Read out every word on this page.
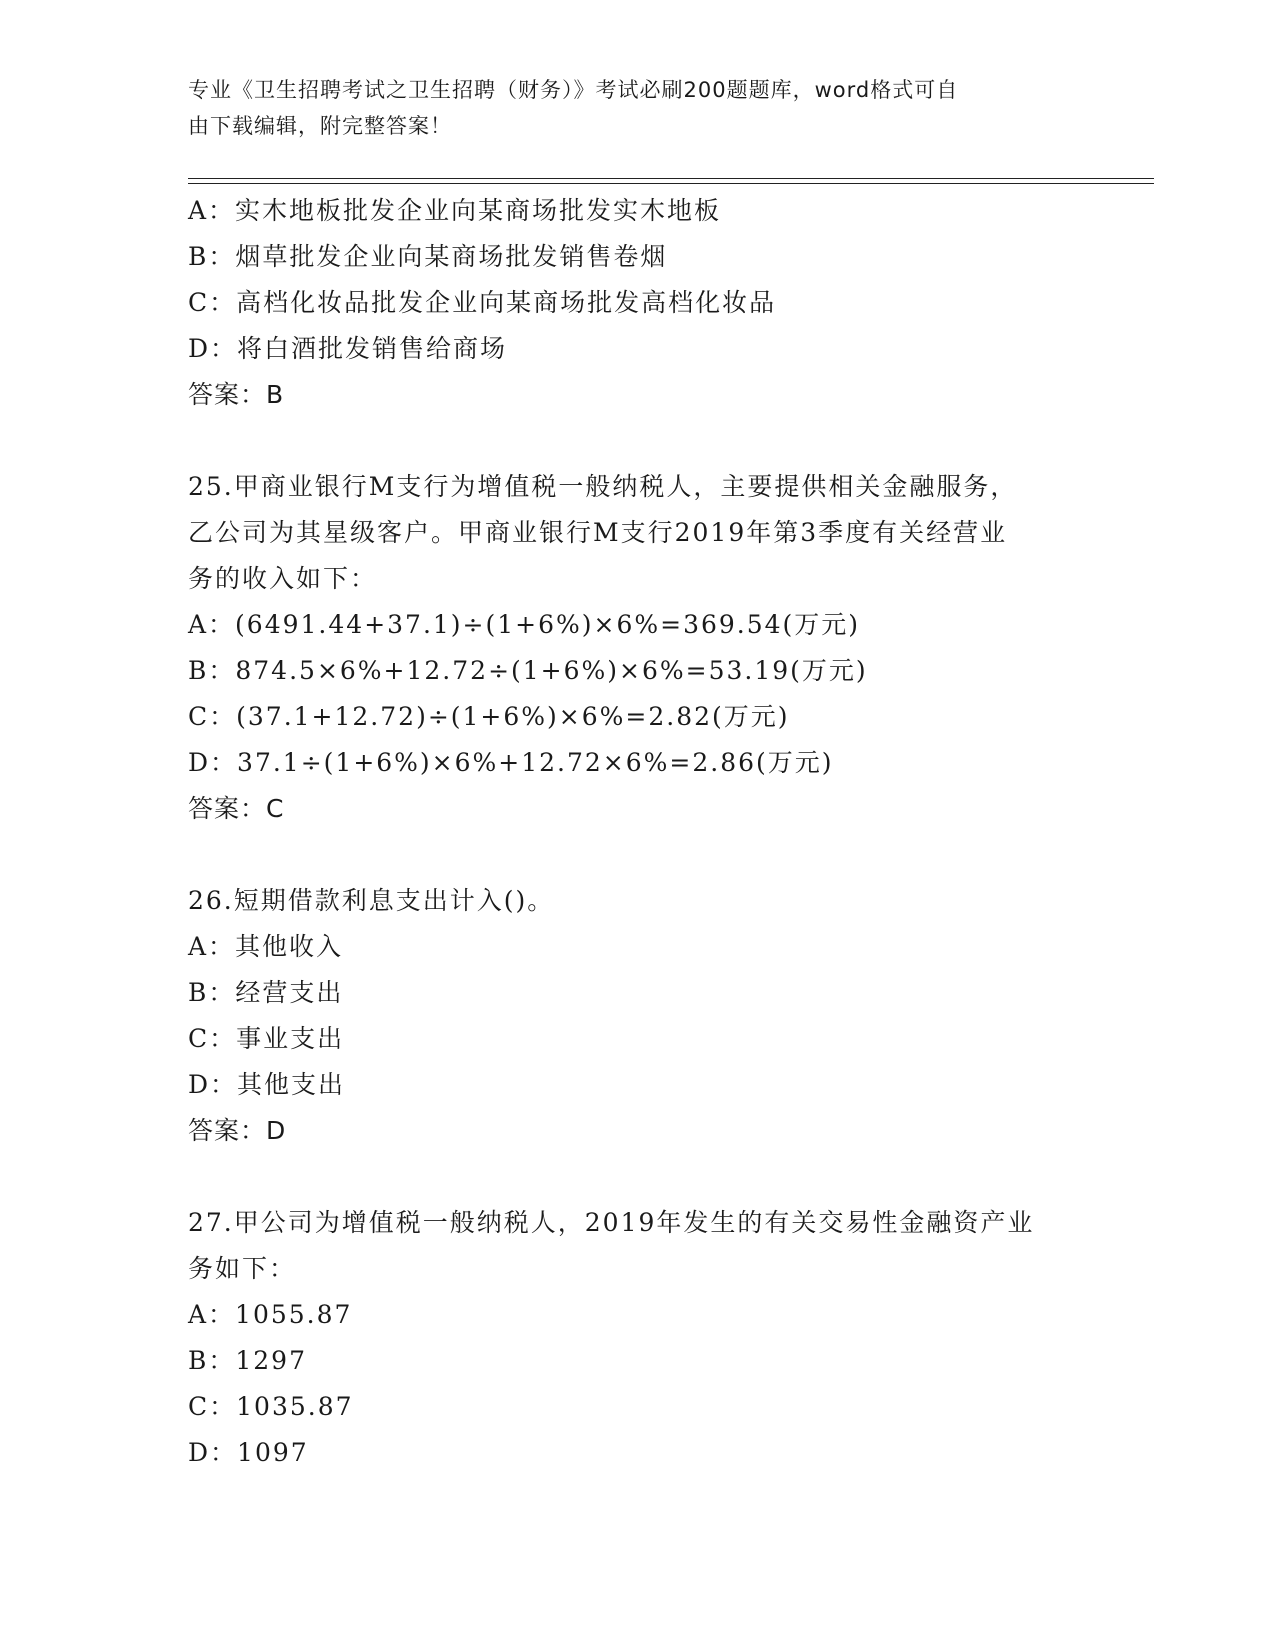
专业《卫生招聘考试之卫生招聘（财务）》考试必刷200题题库，word格式可自
由下载编辑，附完整答案！
A：实木地板批发企业向某商场批发实木地板
B：烟草批发企业向某商场批发销售卷烟
C：高档化妆品批发企业向某商场批发高档化妆品
D：将白酒批发销售给商场
答案：B
25.甲商业银行M支行为增值税一般纳税人，主要提供相关金融服务，
乙公司为其星级客户。甲商业银行M支行2019年第3季度有关经营业
务的收入如下：
A：(6491.44+37.1)÷(1+6%)×6%=369.54(万元)
B：874.5×6%+12.72÷(1+6%)×6%=53.19(万元)
C：(37.1+12.72)÷(1+6%)×6%=2.82(万元)
D：37.1÷(1+6%)×6%+12.72×6%=2.86(万元)
答案：C
26.短期借款利息支出计入()。
A：其他收入
B：经营支出
C：事业支出
D：其他支出
答案：D
27.甲公司为增值税一般纳税人，2019年发生的有关交易性金融资产业
务如下：
A：1055.87
B：1297
C：1035.87
D：1097
